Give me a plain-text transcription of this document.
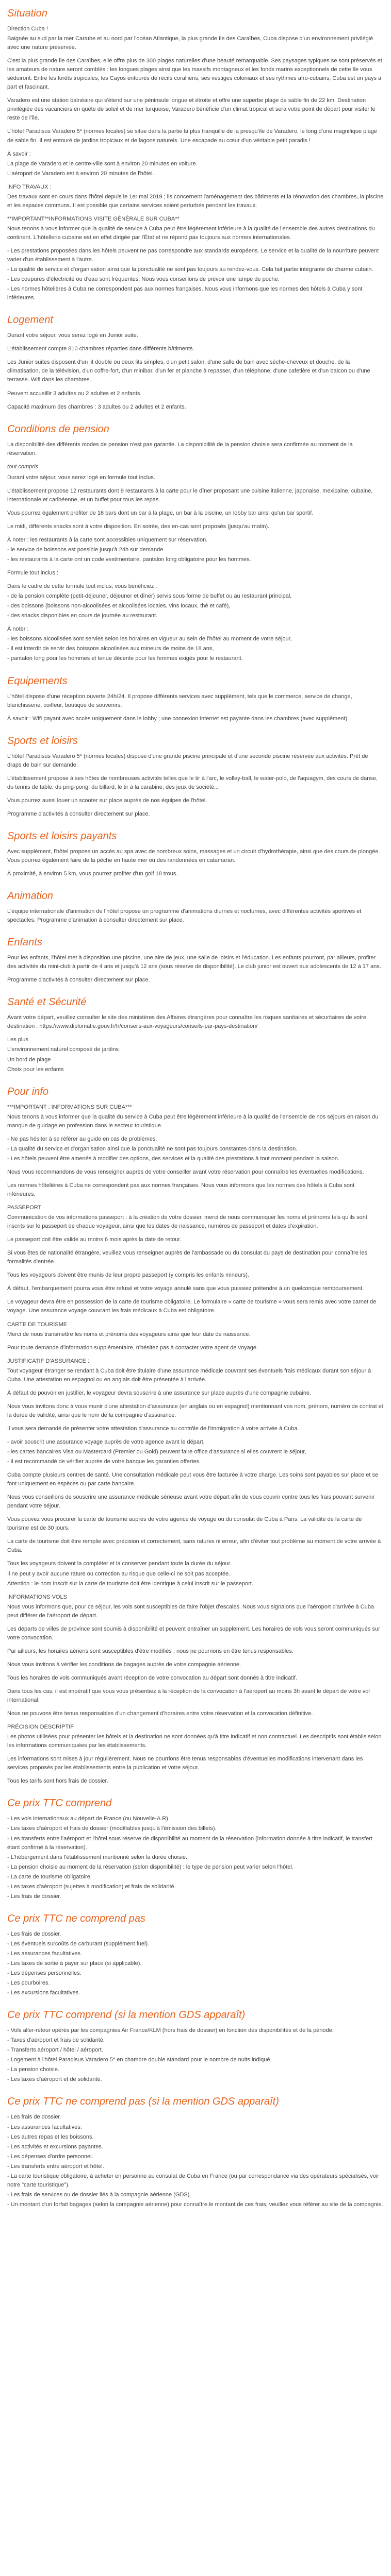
Situation

Direction Cuba !

Baignée au sud par la mer Caraïbe et au nord par l'océan Atlantique, la plus grande île des Caraïbes, Cuba dispose d'un environnement privilégié avec une nature préservée.

C'est la plus grande île des Caraïbes, elle offre plus de 300 plages naturelles d'une beauté remarquable. Ses paysages typiques se sont préservés et les amateurs de nature seront comblés : les longues plages ainsi que les massifs montagneux et les fonds marins exceptionnels de cette île vous séduiront. Entre les forêts tropicales, les Cayos entourés de récifs coralliens, ses vestiges coloniaux et ses rythmes afro-cubains, Cuba est un pays à part et fascinant.

Varadero est une station balnéaire qui s'étend sur une péninsule longue et étroite et offre une superbe plage de sable fin de 22 km. Destination privilégiée des vacanciers en quête de soleil et de mer turquoise, Varadero bénéficie d'un climat tropical et sera votre point de départ pour visiter le reste de l'île.

L'hôtel Paradisus Varadero 5* (normes locales) se situe dans la partie la plus tranquille de la presqu'île de Varadero, le long d'une magnifique plage de sable fin. Il est entouré de jardins tropicaux et de lagons naturels. Une escapade au cœur d'un véritable petit paradis !

À savoir :

La plage de Varadero et le centre-ville sont à environ 20 minutes en voiture.

L'aéroport de Varadero est à environ 20 minutes de l'hôtel.

INFO TRAVAUX :

Des travaux sont en cours dans l'hôtel depuis le 1er mai 2019 ; ils concernent l'aménagement des bâtiments et la rénovation des chambres, la piscine et les espaces communs. Il est possible que certains services soient perturbés pendant les travaux.

**IMPORTANT**INFORMATIONS VISITE GÉNÉRALE SUR CUBA**

Nous tenons à vous informer que la qualité de service à Cuba peut être légèrement inférieure à la qualité de l'ensemble des autres destinations du continent. L'hôtellerie cubaine est en effet dirigée par l'État et ne répond pas toujours aux normes internationales.

- Les prestations proposées dans les hôtels peuvent ne pas correspondre aux standards européens. Le service et la qualité de la nourriture peuvent varier d'un établissement à l'autre.

- La qualité de service et d'organisation ainsi que la ponctualité ne sont pas toujours au rendez-vous. Cela fait partie intégrante du charme cubain.

- Les coupures d'électricité ou d'eau sont fréquentes. Nous vous conseillons de prévoir une lampe de poche.

- Les normes hôtelières à Cuba ne correspondent pas aux normes françaises. Nous vous informons que les normes des hôtels à Cuba y sont inférieures.

Logement

Durant votre séjour, vous serez logé en Junior suite.

L'établissement compte 810 chambres réparties dans différents bâtiments.

Les Junior suites disposent d'un lit double ou deux lits simples, d'un petit salon, d'une salle de bain avec sèche-cheveux et douche, de la climatisation, de la télévision, d'un coffre-fort, d'un minibar, d'un fer et planche à repasser, d'un téléphone, d'une cafetière et d'un balcon ou d'une terrasse. Wifi dans les chambres.

Peuvent accueillir 3 adultes ou 2 adultes et 2 enfants.

Capacité maximum des chambres : 3 adultes ou 2 adultes et 2 enfants.

Conditions de pension

La disponibilité des différents modes de pension n'est pas garantie. La disponibilité de la pension choisie sera confirmée au moment de la réservation.

tout compris

Durant votre séjour, vous serez logé en formule tout inclus.

L'établissement propose 12 restaurants dont 9 restaurants à la carte pour le dîner proposant une cuisine italienne, japonaise, mexicaine, cubaine, internationale et caribéenne, et un buffet pour tous les repas.

Vous pourrez également profiter de 16 bars dont un bar à la plage, un bar à la piscine, un lobby bar ainsi qu'un bar sportif.

Le midi, différents snacks sont à votre disposition. En soirée, des en-cas sont proposés (jusqu'au matin).

À noter : les restaurants à la carte sont accessibles uniquement sur réservation.

- le service de boissons est possible jusqu'à 24h sur demande.

- les restaurants à la carte ont un code vestimentaire, pantalon long obligatoire pour les hommes.

Formule tout inclus :

Dans le cadre de cette formule tout inclus, vous bénéficiez :

- de la pension complète (petit-déjeuner, déjeuner et dîner) servis sous forme de buffet ou au restaurant principal,

- des boissons (boissons non-alcoolisées et alcoolisées locales, vins locaux, thé et café),

- des snacks disponibles en cours de journée au restaurant.

À noter :

- les boissons alcoolisées sont servies selon les horaires en vigueur au sein de l'hôtel au moment de votre séjour,

- il est interdit de servir des boissons alcoolisées aux mineurs de moins de 18 ans,

- pantalon long pour les hommes et tenue décente pour les femmes exigés pour le restaurant.

Equipements

L'hôtel dispose d'une réception ouverte 24h/24. Il propose différents services avec supplément, tels que le commerce, service de change, blanchisserie, coiffeur, boutique de souvenirs.

À savoir : Wifi payant avec accès uniquement dans le lobby ; une connexion internet est payante dans les chambres (avec supplément).

Sports et loisirs

L'hôtel Paradisus Varadero 5* (normes locales) dispose d'une grande piscine principale et d'une seconde piscine réservée aux activités. Prêt de draps de bain sur demande.

L'établissement propose à ses hôtes de nombreuses activités telles que le tir à l'arc, le volley-ball, le water-polo, de l'aquagym, des cours de danse, du tennis de table, du ping-pong, du billard, le tir à la carabine, des jeux de société...

Vous pourrez aussi louer un scooter sur place auprès de nos équipes de l'hôtel.

Programme d'activités à consulter directement sur place.

Sports et loisirs payants

Avec supplément, l'hôtel propose un accès au spa avec de nombreux soins, massages et un circuit d'hydrothérapie, ainsi que des cours de plongée. Vous pourrez également faire de la pêche en haute mer ou des randonnées en catamaran.

À proximité, à environ 5 km, vous pourrez profiter d'un golf 18 trous.

Animation

L'équipe internationale d'animation de l'hôtel propose un programme d'animations diurnes et nocturnes, avec différentes activités sportives et spectacles. Programme d'animation à consulter directement sur place.

Enfants

Pour les enfants, l'hôtel met à disposition une piscine, une aire de jeux, une salle de loisirs et l'éducation. Les enfants pourront, par ailleurs, profiter des activités du mini-club à partir de 4 ans et jusqu'à 12 ans (sous réserve de disponibilité). Le club junior est ouvert aux adolescents de 12 à 17 ans.

Programme d'activités à consulter directement sur place.

Santé et Sécurité

Avant votre départ, veuillez consulter le site des ministères des Affaires étrangères pour connaître les risques sanitaires et sécuritaires de votre destination : https://www.diplomatie.gouv.fr/fr/conseils-aux-voyageurs/conseils-par-pays-destination/

Les plus

L'environnement naturel composé de jardins

Un bord de plage

Choix pour les enfants

Pour info

***IMPORTANT : INFORMATIONS SUR CUBA***

Nous tenons à vous informer que la qualité du service à Cuba peut être légèrement inférieure à la qualité de l'ensemble de nos séjours en raison du manque de guidage en profession dans le secteur touristique.

- Ne pas hésiter à se référer au guide en cas de problèmes.

- La qualité du service et d'organisation ainsi que la ponctualité ne sont pas toujours constantes dans la destination.

- Les hôtels peuvent être amenés à modifier des options, des services et la qualité des prestations à tout moment pendant la saison.

Nous vous recommandons de vous renseigner auprès de votre conseiller avant votre réservation pour connaître les éventuelles modifications.

Les normes hôtelières à Cuba ne correspondent pas aux normes françaises. Nous vous informons que les normes des hôtels à Cuba sont inférieures.

PASSEPORT

Communication de vos informations passeport : à la création de votre dossier, merci de nous communiquer les noms et prénoms tels qu'ils sont inscrits sur le passeport de chaque voyageur, ainsi que les dates de naissance, numéros de passeport et dates d'expiration.

Le passeport doit être valide au moins 6 mois après la date de retour.

Si vous êtes de nationalité étrangère, veuillez vous renseigner auprès de l'ambassade ou du consulat du pays de destination pour connaître les formalités d'entrée.

Tous les voyageurs doivent être munis de leur propre passeport (y compris les enfants mineurs).

À défaut, l'embarquement pourra vous être refusé et votre voyage annulé sans que vous puissiez prétendre à un quelconque remboursement.

Le voyageur devra être en possession de la carte de tourisme obligatoire. Le formulaire « carte de tourisme » vous sera remis avec votre carnet de voyage. Une assurance voyage couvrant les frais médicaux à Cuba est obligatoire.

CARTE DE TOURISME

Merci de nous transmettre les noms et prénoms des voyageurs ainsi que leur date de naissance.

Pour toute demande d'information supplémentaire, n'hésitez pas à contacter votre agent de voyage.

JUSTIFICATIF D'ASSURANCE :

Tout voyageur étranger se rendant à Cuba doit être titulaire d'une assurance médicale couvrant ses éventuels frais médicaux durant son séjour à Cuba. Une attestation en espagnol ou en anglais doit être présentée à l'arrivée.

À défaut de pouvoir en justifier, le voyageur devra souscrire à une assurance sur place auprès d'une compagnie cubaine.

Nous vous invitons donc à vous munir d'une attestation d'assurance (en anglais ou en espagnol) mentionnant vos nom, prénom, numéro de contrat et la durée de validité, ainsi que le nom de la compagnie d'assurance.

Il vous sera demandé de présenter votre attestation d'assurance au contrôle de l'immigration à votre arrivée à Cuba.

- avoir souscrit une assurance voyage auprès de votre agence avant le départ,

- les cartes bancaires Visa ou Mastercard (Premier ou Gold) peuvent faire office d'assurance si elles couvrent le séjour,

- il est recommandé de vérifier auprès de votre banque les garanties offertes.

Cuba compte plusieurs centres de santé. Une consultation médicale peut vous être facturée à votre charge. Les soins sont payables sur place et se font uniquement en espèces ou par carte bancaire.

Nous vous conseillons de souscrire une assurance médicale sérieuse avant votre départ afin de vous couvrir contre tous les frais pouvant survenir pendant votre séjour.

Vous pouvez vous procurer la carte de tourisme auprès de votre agence de voyage ou du consulat de Cuba à Paris. La validité de la carte de tourisme est de 30 jours.

La carte de tourisme doit être remplie avec précision et correctement, sans ratures ni erreur, afin d'éviter tout problème au moment de votre arrivée à Cuba.

Tous les voyageurs doivent la compléter et la conserver pendant toute la durée du séjour.

Il ne peut y avoir aucune rature ou correction au risque que celle-ci ne soit pas acceptée.

Attention : le nom inscrit sur la carte de tourisme doit être identique à celui inscrit sur le passeport.

INFORMATIONS VOLS

Nous vous informons que, pour ce séjour, les vols sont susceptibles de faire l'objet d'escales. Nous vous signalons que l'aéroport d'arrivée à Cuba peut différer de l'aéroport de départ.

Les départs de villes de province sont soumis à disponibilité et peuvent entraîner un supplément. Les horaires de vols vous seront communiqués sur votre convocation.

Par ailleurs, les horaires aériens sont susceptibles d'être modifiés ; nous ne pourrions en être tenus responsables.

Nous vous invitons à vérifier les conditions de bagages auprès de votre compagnie aérienne.

Tous les horaires de vols communiqués avant réception de votre convocation au départ sont donnés à titre indicatif.

Dans tous les cas, il est impératif que vous vous présentiez à la réception de la convocation à l'aéroport au moins 3h avant le départ de votre vol international.

Nous ne pouvons être tenus responsables d'un changement d'horaires entre votre réservation et la convocation définitive.

PRÉCISION DESCRIPTIF

Les photos utilisées pour présenter les hôtels et la destination ne sont données qu'à titre indicatif et non contractuel. Les descriptifs sont établis selon les informations communiquées par les établissements.

Les informations sont mises à jour régulièrement. Nous ne pourrions être tenus responsables d'éventuelles modifications intervenant dans les services proposés par les établissements entre la publication et votre séjour.

Tous les tarifs sont hors frais de dossier.

Ce prix TTC comprend

- Les vols internationaux au départ de France (ou Nouvelle-A.R).

- Les taxes d'aéroport et frais de dossier (modifiables jusqu'à l'émission des billets).

- Les transferts entre l'aéroport et l'hôtel sous réserve de disponibilité au moment de la réservation (information donnée à titre indicatif, le transfert étant confirmé à la réservation).

- L'hébergement dans l'établissement mentionné selon la durée choisie.

- La pension choisie au moment de la réservation (selon disponibilité) : le type de pension peut varier selon l'hôtel.

- La carte de tourisme obligatoire.

- Les taxes d'aéroport (sujettes à modification) et frais de solidarité.

- Les frais de dossier.

Ce prix TTC ne comprend pas

- Les frais de dossier.

- Les éventuels surcoûts de carburant (supplément fuel).

- Les assurances facultatives.

- Les taxes de sortie à payer sur place (si applicable).

- Les dépenses personnelles.

- Les pourboires.

- Les excursions facultatives.

Ce prix TTC comprend (si la mention GDS apparaît)

- Vols aller-retour opérés par les compagnies Air France/KLM (hors frais de dossier) en fonction des disponibilités et de la période.

- Taxes d'aéroport et frais de solidarité.

- Transferts aéroport / hôtel / aéroport.

- Logement à l'hôtel Paradisus Varadero 5* en chambre double standard pour le nombre de nuits indiqué.

- La pension choisie.

- Les taxes d'aéroport et de solidarité.

Ce prix TTC ne comprend pas (si la mention GDS apparaît)

- Les frais de dossier.

- Les assurances facultatives.

- Les autres repas et les boissons.

- Les activités et excursions payantes.

- Les dépenses d'ordre personnel.

- Les transferts entre aéroport et hôtel.

- La carte touristique obligatoire, à acheter en personne au consulat de Cuba en France (ou par correspondance via des opérateurs spécialisés, voir notre "carte touristique").

- Les frais de services ou de dossier liés à la compagnie aérienne (GDS).

- Un montant d'un forfait bagages (selon la compagnie aérienne) pour connaître le montant de ces frais, veuillez vous référer au site de la compagnie.
